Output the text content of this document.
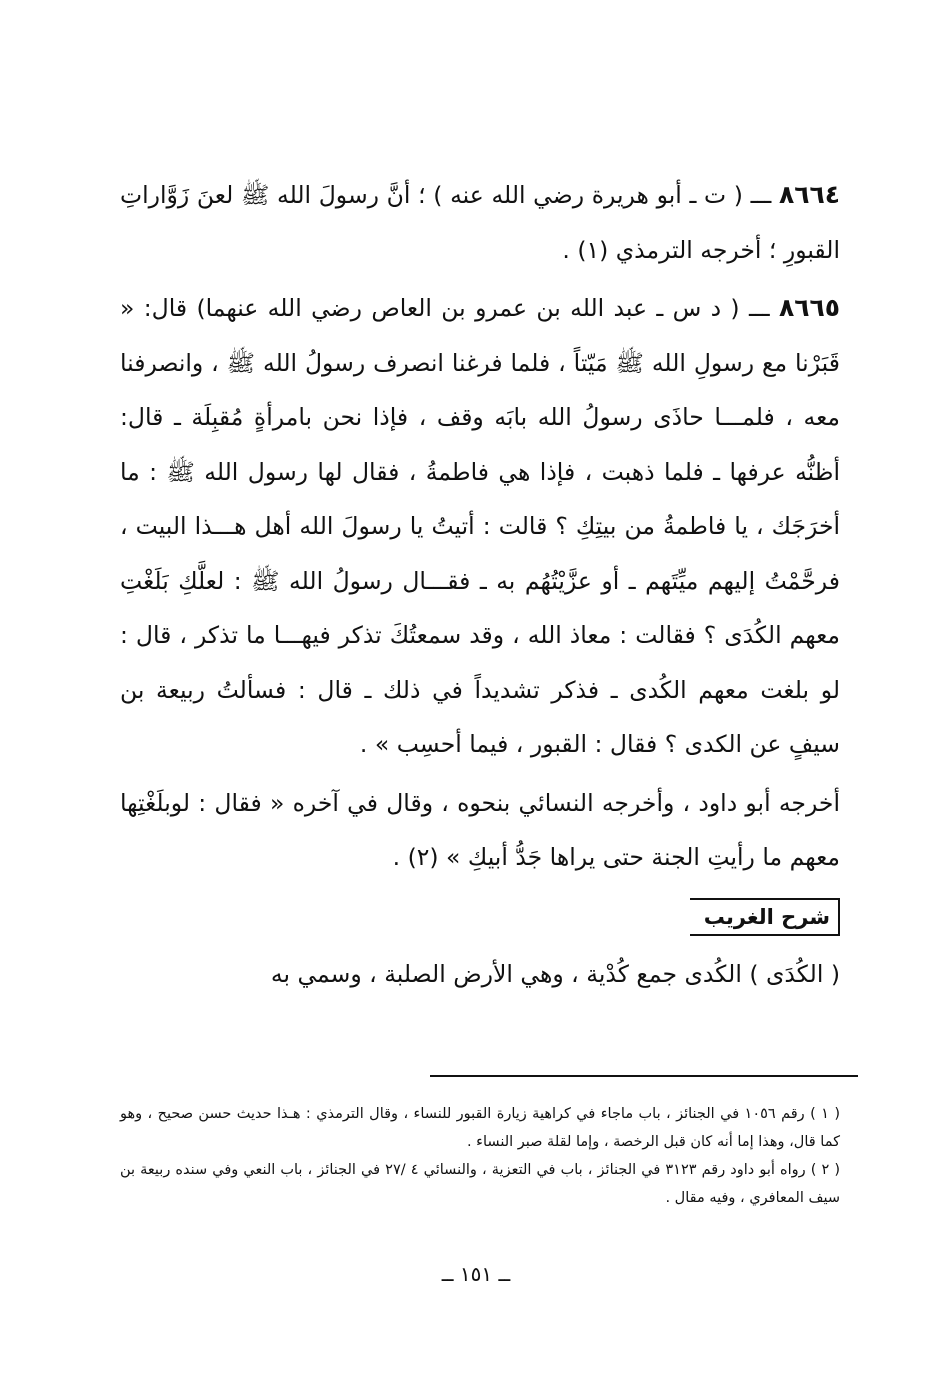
٨٦٦٤ ـــ ( ت ـ أبو هريرة رضي الله عنه ) ؛ أنَّ رسولَ الله ﷺ لعنَ زَوَّاراتِ القبورِ ؛ أخرجه الترمذي (١) .

٨٦٦٥ ـــ ( د س ـ عبد الله بن عمرو بن العاص رضي الله عنهما) قال: « قَبَرْنا مع رسولِ الله ﷺ مَيّتاً ، فلما فرغنا انصرف رسولُ الله ﷺ ، وانصرفنا معه ، فلمـــا حاذَى رسولُ الله بابَه وقف ، فإذا نحن بامرأةٍ مُقبِلَة ـ قال: أظنُّه عرفها ـ فلما ذهبت ، فإذا هي فاطمةُ ، فقال لها رسول الله ﷺ : ما أخرَجَك ، يا فاطمةُ من بيتِكِ ؟ قالت : أتيتُ يا رسولَ الله أهل هـــذا البيت ، فرحَّمْتُ إليهم ميِّتَهم ـ أو عزَّيْتُهُم به ـ فقـــال رسولُ الله ﷺ : لعلَّكِ بَلَغْتِ معهم الكُدَى ؟ فقالت : معاذ الله ، وقد سمعتُكَ تذكر فيهـــا ما تذكر ، قال : لو بلغت معهم الكُدى ـ فذكر تشديداً في ذلك ـ قال : فسألتُ ربيعة بن سيفٍ عن الكدى ؟ فقال : القبور ، فيما أحسِب » .

أخرجه أبو داود ، وأخرجه النسائي بنحوه ، وقال في آخره « فقال : لوبلَغْتِها معهم ما رأيتِ الجنة حتى يراها جَدُّ أبيكِ » (٢) .

شرح الغريب

( الكُدَى ) الكُدى جمع كُدْية ، وهي الأرض الصلبة ، وسمي به

( ١ ) رقم ١٠٥٦ في الجنائز ، باب ماجاء في كراهية زيارة القبور للنساء ، وقال الترمذي : هـذا حديث حسن صحيح ، وهو كما قال، وهذا إما أنه كان قبل الرخصة ، وإما لقلة صبر النساء .

( ٢ ) رواه أبو داود رقم ٣١٢٣ في الجنائز ، باب في التعزية ، والنسائي ٤ /٢٧ في الجنائز ، باب النعي وفي سنده ربيعة بن سيف المعافري ، وفيه مقال .

ــ ١٥١ ــ
